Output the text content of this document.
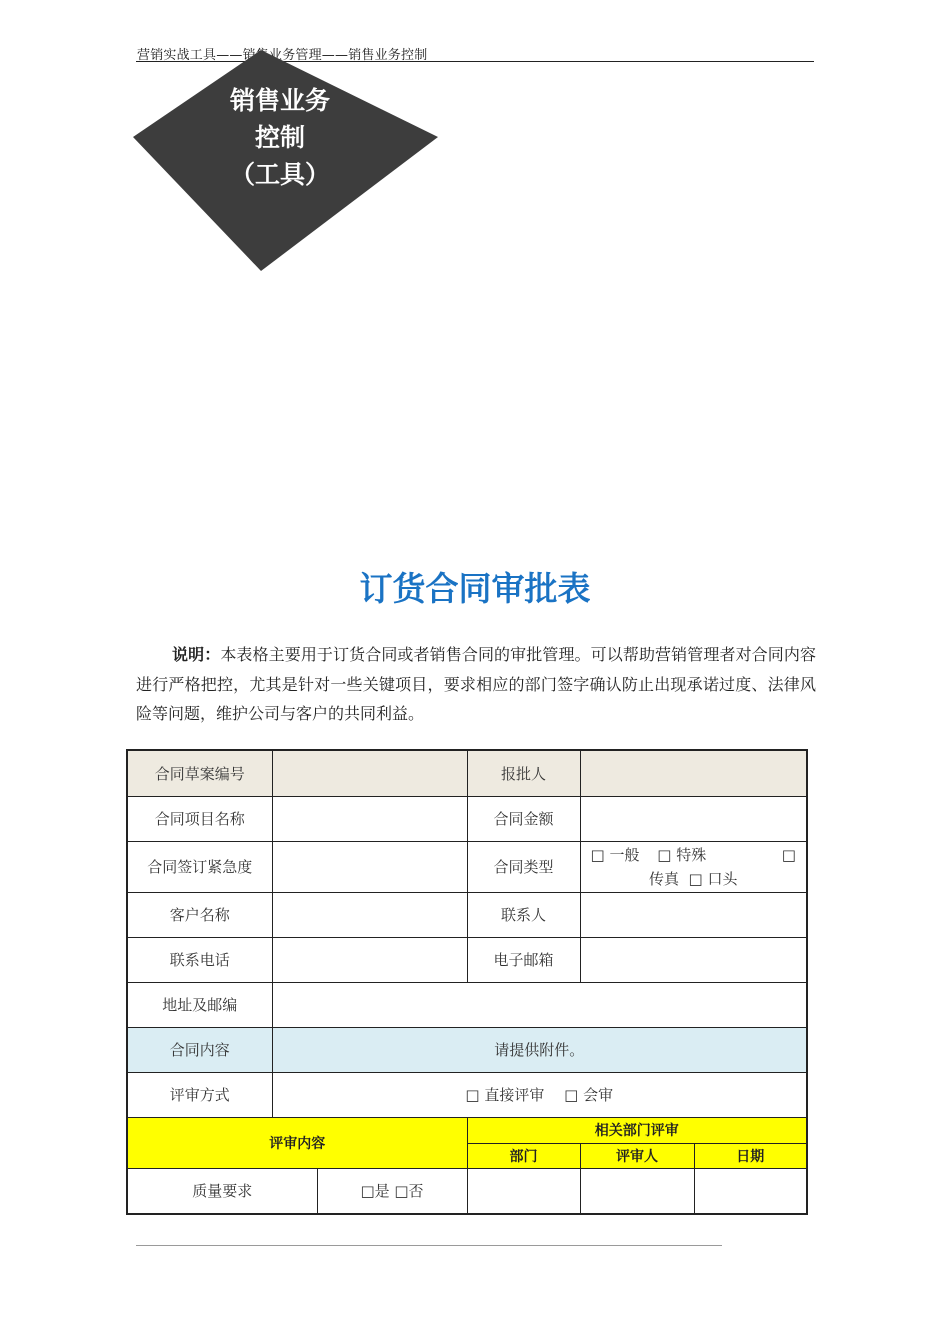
营销实战工具——销售业务管理——销售业务控制
销售业务
控制
（工具）
订货合同审批表
说明：本表格主要用于订货合同或者销售合同的审批管理。可以帮助营销管理者对合同内容进行严格把控，尤其是针对一些关键项目，要求相应的部门签字确认防止出现承诺过度、法律风险等问题，维护公司与客户的共同利益。
合同草案编号			报批人		
合同项目名称			合同金额		
合同签订紧急度			合同类型	□ 一般 □ 特殊 □
传真 □ 口头	

客户名称			联系人		
联系电话			电子邮箱		
地址及邮编					
合同内容	请提供附件。				
评审方式	□ 直接评审　 □ 会审				
评审内容			相关部门评审		
			部门	评审人	日期
质量要求		□是 □否			
